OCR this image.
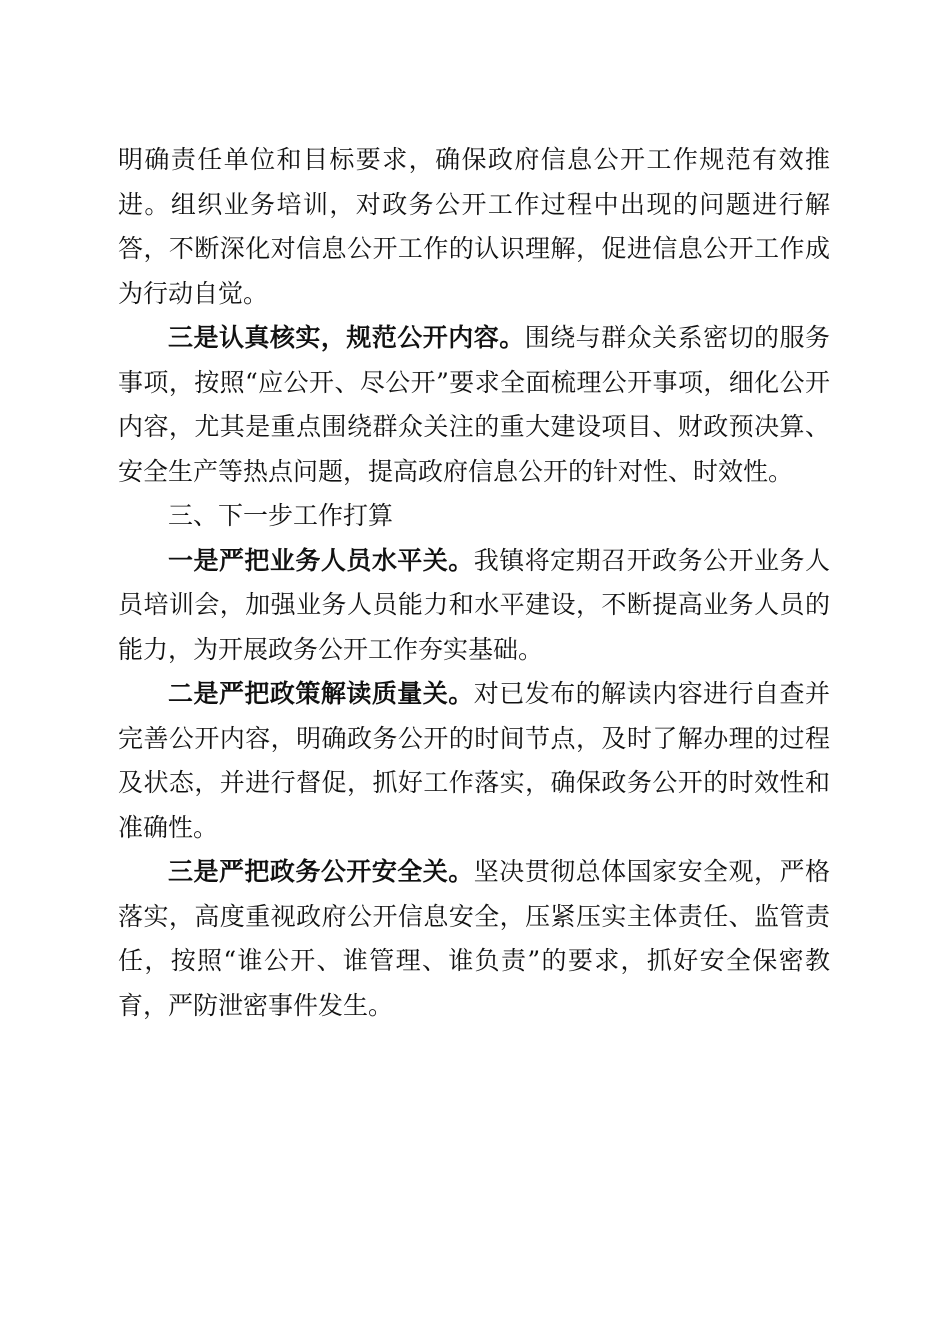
明确责任单位和目标要求，确保政府信息公开工作规范有效推进。组织业务培训，对政务公开工作过程中出现的问题进行解答，不断深化对信息公开工作的认识理解，促进信息公开工作成为行动自觉。

三是认真核实，规范公开内容。围绕与群众关系密切的服务事项，按照“应公开、尽公开”要求全面梳理公开事项，细化公开内容，尤其是重点围绕群众关注的重大建设项目、财政预决算、安全生产等热点问题，提高政府信息公开的针对性、时效性。

三、下一步工作打算

一是严把业务人员水平关。我镇将定期召开政务公开业务人员培训会，加强业务人员能力和水平建设，不断提高业务人员的能力，为开展政务公开工作夯实基础。

二是严把政策解读质量关。对已发布的解读内容进行自查并完善公开内容，明确政务公开的时间节点，及时了解办理的过程及状态，并进行督促，抓好工作落实，确保政务公开的时效性和准确性。

三是严把政务公开安全关。坚决贯彻总体国家安全观，严格落实，高度重视政府公开信息安全，压紧压实主体责任、监管责任，按照“谁公开、谁管理、谁负责”的要求，抓好安全保密教育，严防泄密事件发生。
